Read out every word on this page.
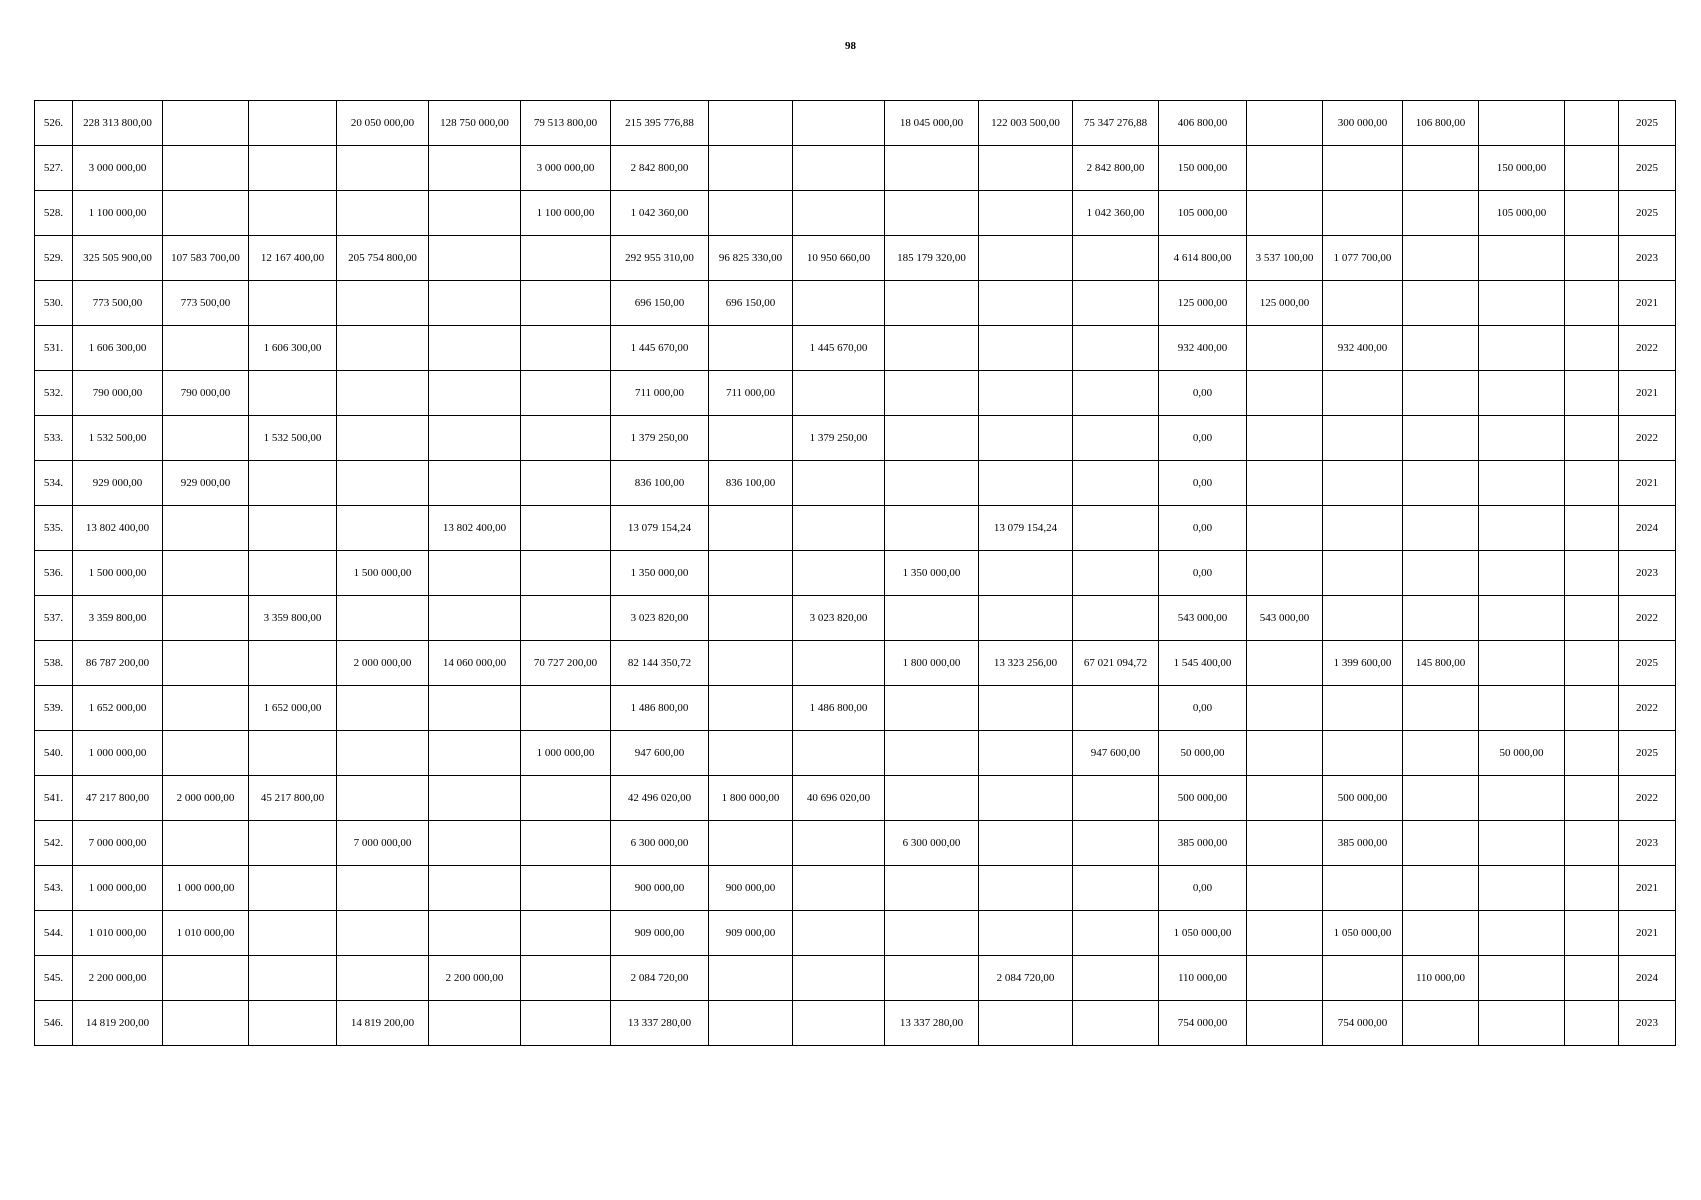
98
526.	228 313 800,00			20 050 000,00	128 750 000,00	79 513 800,00	215 395 776,88			18 045 000,00	122 003 500,00	75 347 276,88	406 800,00		300 000,00	106 800,00			2025
527.	3 000 000,00					3 000 000,00	2 842 800,00					2 842 800,00	150 000,00				150 000,00		2025
528.	1 100 000,00					1 100 000,00	1 042 360,00					1 042 360,00	105 000,00				105 000,00		2025
529.	325 505 900,00	107 583 700,00	12 167 400,00	205 754 800,00			292 955 310,00	96 825 330,00	10 950 660,00	185 179 320,00			4 614 800,00	3 537 100,00	1 077 700,00				2023
530.	773 500,00	773 500,00					696 150,00	696 150,00					125 000,00	125 000,00					2021
531.	1 606 300,00		1 606 300,00				1 445 670,00		1 445 670,00				932 400,00		932 400,00				2022
532.	790 000,00	790 000,00					711 000,00	711 000,00					0,00						2021
533.	1 532 500,00		1 532 500,00				1 379 250,00		1 379 250,00				0,00						2022
534.	929 000,00	929 000,00					836 100,00	836 100,00					0,00						2021
535.	13 802 400,00				13 802 400,00		13 079 154,24				13 079 154,24		0,00						2024
536.	1 500 000,00			1 500 000,00			1 350 000,00			1 350 000,00			0,00						2023
537.	3 359 800,00		3 359 800,00				3 023 820,00		3 023 820,00				543 000,00	543 000,00					2022
538.	86 787 200,00			2 000 000,00	14 060 000,00	70 727 200,00	82 144 350,72			1 800 000,00	13 323 256,00	67 021 094,72	1 545 400,00		1 399 600,00	145 800,00			2025
539.	1 652 000,00		1 652 000,00				1 486 800,00		1 486 800,00				0,00						2022
540.	1 000 000,00					1 000 000,00	947 600,00					947 600,00	50 000,00				50 000,00		2025
541.	47 217 800,00	2 000 000,00	45 217 800,00				42 496 020,00	1 800 000,00	40 696 020,00				500 000,00		500 000,00				2022
542.	7 000 000,00			7 000 000,00			6 300 000,00			6 300 000,00			385 000,00		385 000,00				2023
543.	1 000 000,00	1 000 000,00					900 000,00	900 000,00					0,00						2021
544.	1 010 000,00	1 010 000,00					909 000,00	909 000,00					1 050 000,00		1 050 000,00				2021
545.	2 200 000,00				2 200 000,00		2 084 720,00				2 084 720,00		110 000,00			110 000,00			2024
546.	14 819 200,00			14 819 200,00			13 337 280,00			13 337 280,00			754 000,00		754 000,00				2023
